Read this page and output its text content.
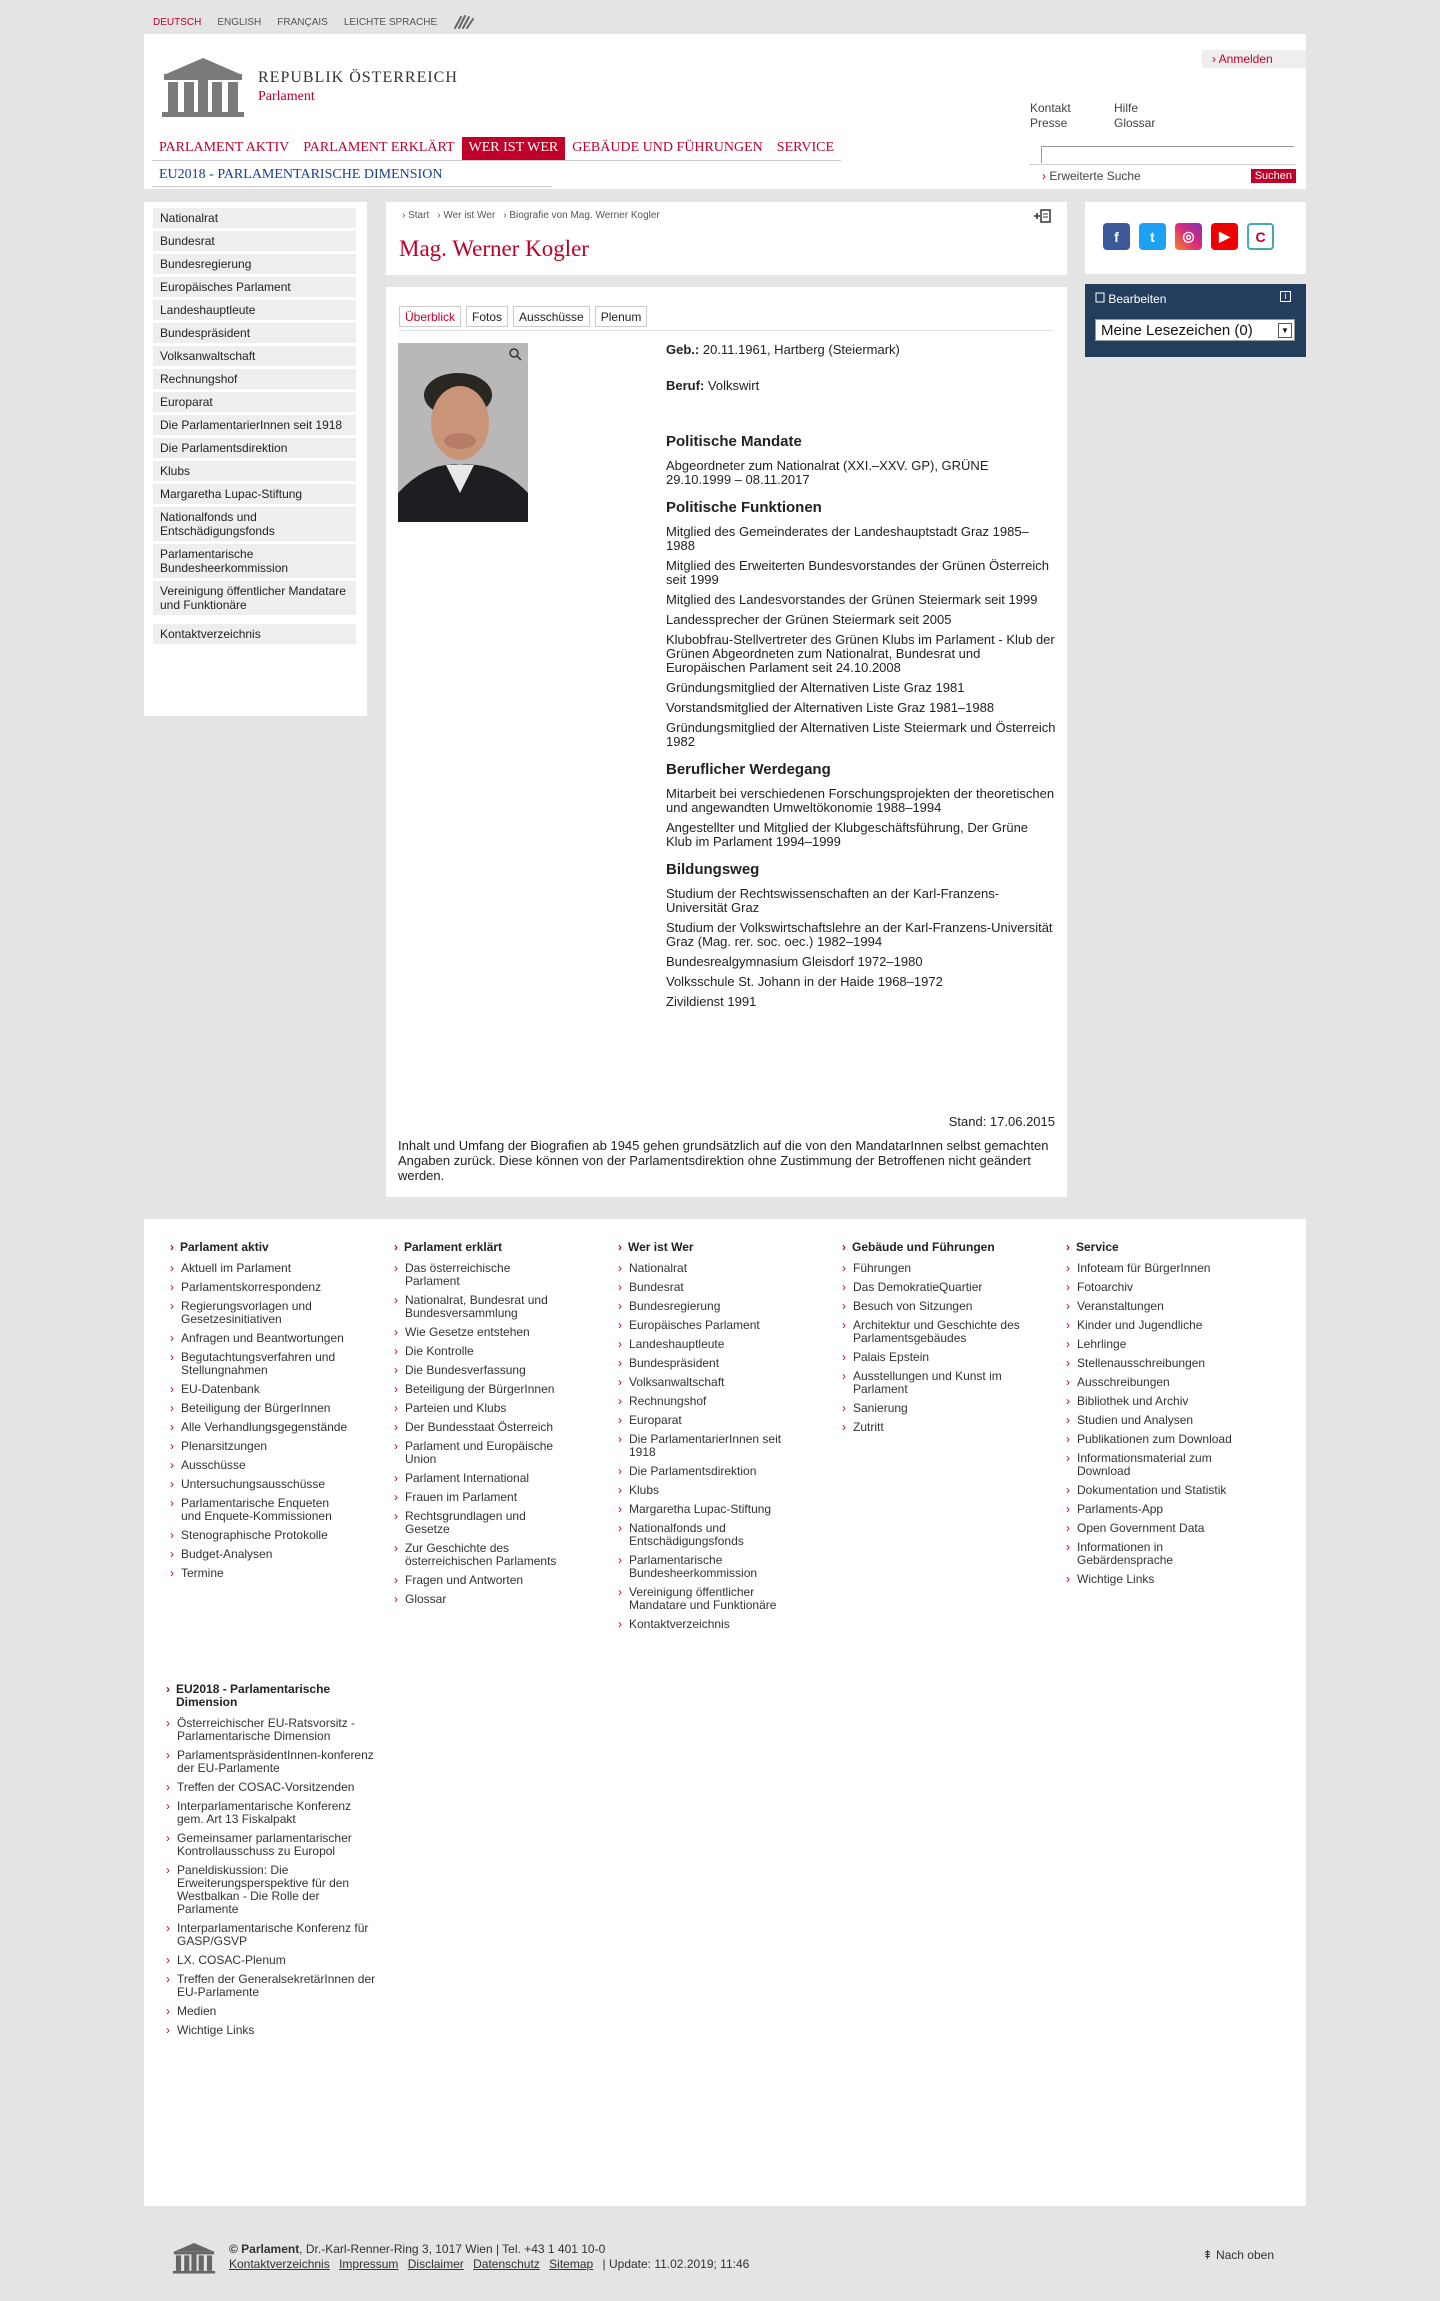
DEUTSCH ENGLISH FRANÇAIS LEICHTE SPRACHE
REPUBLIK ÖSTERREICH
Parlament
› Anmelden
Kontakt	Hilfe
Presse	Glossar
› Erweiterte Suche	Suchen
PARLAMENT AKTIV	PARLAMENT ERKLÄRT	WER IST WER	GEBÄUDE UND FÜHRUNGEN	SERVICE
EU2018 - PARLAMENTARISCHE DIMENSION
Nationalrat
Bundesrat
Bundesregierung
Europäisches Parlament
Landeshauptleute
Bundespräsident
Volksanwaltschaft
Rechnungshof
Europarat
Die ParlamentarierInnen seit 1918
Die Parlamentsdirektion
Klubs
Margaretha Lupac-Stiftung
Nationalfonds und Entschädigungsfonds
Parlamentarische Bundesheerkommission
Vereinigung öffentlicher Mandatare und Funktionäre
Kontaktverzeichnis
› Start	› Wer ist Wer	› Biografie von Mag. Werner Kogler
Mag. Werner Kogler
Überblick	Fotos	Ausschüsse	Plenum
Geb.: 20.11.1961, Hartberg (Steiermark)
Beruf: Volkswirt
Politische Mandate
Abgeordneter zum Nationalrat (XXI.–XXV. GP), GRÜNE 29.10.1999 – 08.11.2017
Politische Funktionen
Mitglied des Gemeinderates der Landeshauptstadt Graz 1985–1988
Mitglied des Erweiterten Bundesvorstandes der Grünen Österreich seit 1999
Mitglied des Landesvorstandes der Grünen Steiermark seit 1999
Landessprecher der Grünen Steiermark seit 2005
Klubobfrau-Stellvertreter des Grünen Klubs im Parlament - Klub der Grünen Abgeordneten zum Nationalrat, Bundesrat und Europäischen Parlament seit 24.10.2008
Gründungsmitglied der Alternativen Liste Graz 1981
Vorstandsmitglied der Alternativen Liste Graz 1981–1988
Gründungsmitglied der Alternativen Liste Steiermark und Österreich 1982
Beruflicher Werdegang
Mitarbeit bei verschiedenen Forschungsprojekten der theoretischen und angewandten Umweltökonomie 1988–1994
Angestellter und Mitglied der Klubgeschäftsführung, Der Grüne Klub im Parlament 1994–1999
Bildungsweg
Studium der Rechtswissenschaften an der Karl-Franzens-Universität Graz
Studium der Volkswirtschaftslehre an der Karl-Franzens-Universität Graz (Mag. rer. soc. oec.) 1982–1994
Bundesrealgymnasium Gleisdorf 1972–1980
Volksschule St. Johann in der Haide 1968–1972
Zivildienst 1991
Stand: 17.06.2015
Inhalt und Umfang der Biografien ab 1945 gehen grundsätzlich auf die von den MandatarInnen selbst gemachten Angaben zurück. Diese können von der Parlamentsdirektion ohne Zustimmung der Betroffenen nicht geändert werden.
f	t	◎	▶	C
Bearbeiten	i
Meine Lesezeichen (0)	▼
› Parlament aktiv
› Aktuell im Parlament
› Parlamentskorrespondenz
› Regierungsvorlagen und Gesetzesinitiativen
› Anfragen und Beantwortungen
› Begutachtungsverfahren und Stellungnahmen
› EU-Datenbank
› Beteiligung der BürgerInnen
› Alle Verhandlungsgegenstände
› Plenarsitzungen
› Ausschüsse
› Untersuchungsausschüsse
› Parlamentarische Enqueten und Enquete-Kommissionen
› Stenographische Protokolle
› Budget-Analysen
› Termine
› Parlament erklärt
› Das österreichische Parlament
› Nationalrat, Bundesrat und Bundesversammlung
› Wie Gesetze entstehen
› Die Kontrolle
› Die Bundesverfassung
› Beteiligung der BürgerInnen
› Parteien und Klubs
› Der Bundesstaat Österreich
› Parlament und Europäische Union
› Parlament International
› Frauen im Parlament
› Rechtsgrundlagen und Gesetze
› Zur Geschichte des österreichischen Parlaments
› Fragen und Antworten
› Glossar
› Wer ist Wer
› Nationalrat
› Bundesrat
› Bundesregierung
› Europäisches Parlament
› Landeshauptleute
› Bundespräsident
› Volksanwaltschaft
› Rechnungshof
› Europarat
› Die ParlamentarierInnen seit 1918
› Die Parlamentsdirektion
› Klubs
› Margaretha Lupac-Stiftung
› Nationalfonds und Entschädigungsfonds
› Parlamentarische Bundesheerkommission
› Vereinigung öffentlicher Mandatare und Funktionäre
› Kontaktverzeichnis
› Gebäude und Führungen
› Führungen
› Das DemokratieQuartier
› Besuch von Sitzungen
› Architektur und Geschichte des Parlamentsgebäudes
› Palais Epstein
› Ausstellungen und Kunst im Parlament
› Sanierung
› Zutritt
› Service
› Infoteam für BürgerInnen
› Fotoarchiv
› Veranstaltungen
› Kinder und Jugendliche
› Lehrlinge
› Stellenausschreibungen
› Ausschreibungen
› Bibliothek und Archiv
› Studien und Analysen
› Publikationen zum Download
› Informationsmaterial zum Download
› Dokumentation und Statistik
› Parlaments-App
› Open Government Data
› Informationen in Gebärdensprache
› Wichtige Links
› EU2018 - Parlamentarische Dimension
› Österreichischer EU-Ratsvorsitz - Parlamentarische Dimension
› ParlamentspräsidentInnen-konferenz der EU-Parlamente
› Treffen der COSAC-Vorsitzenden
› Interparlamentarische Konferenz gem. Art 13 Fiskalpakt
› Gemeinsamer parlamentarischer Kontrollausschuss zu Europol
› Paneldiskussion: Die Erweiterungsperspektive für den Westbalkan - Die Rolle der Parlamente
› Interparlamentarische Konferenz für GASP/GSVP
› LX. COSAC-Plenum
› Treffen der GeneralsekretärInnen der EU-Parlamente
› Medien
› Wichtige Links
© Parlament, Dr.-Karl-Renner-Ring 3, 1017 Wien | Tel. +43 1 401 10-0
Kontaktverzeichnis Impressum Disclaimer Datenschutz Sitemap | Update: 11.02.2019; 11:46
⇞ Nach oben
